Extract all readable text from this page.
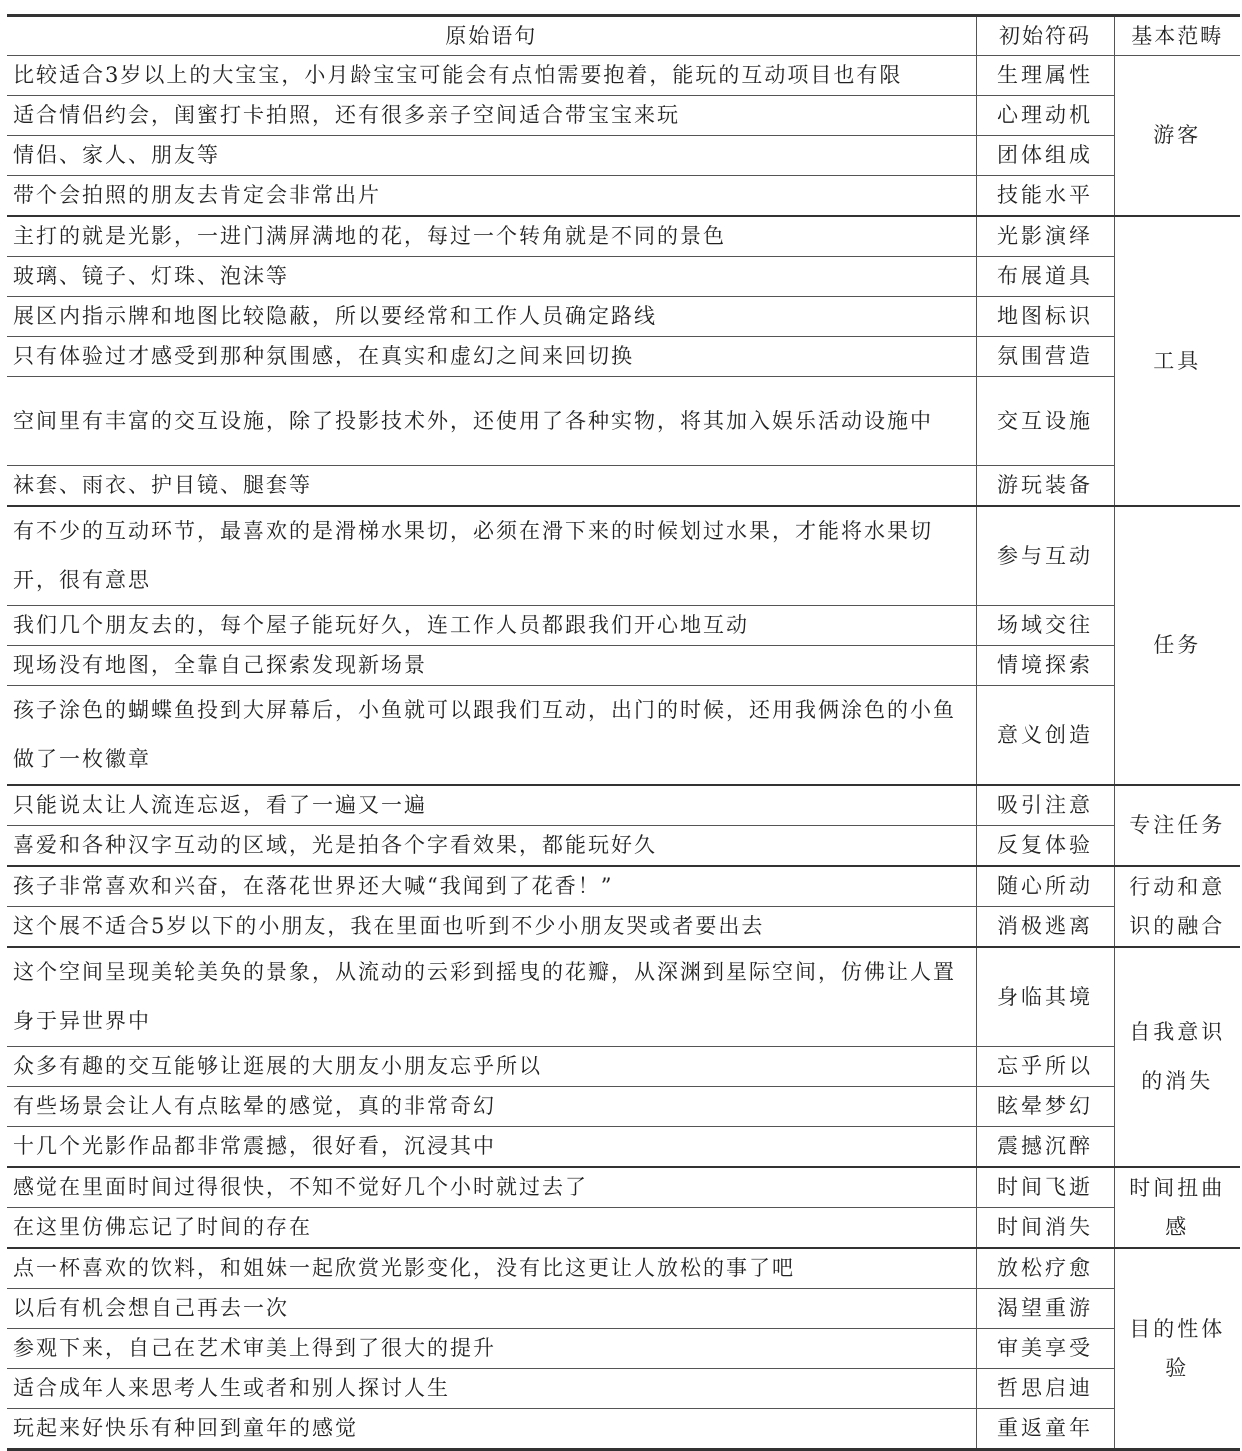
原始语句	初始符码	基本范畴
比较适合3岁以上的大宝宝，小月龄宝宝可能会有点怕需要抱着，能玩的互动项目也有限	生理属性	游客
适合情侣约会，闺蜜打卡拍照，还有很多亲子空间适合带宝宝来玩	心理动机	
情侣、家人、朋友等	团体组成	
带个会拍照的朋友去肯定会非常出片	技能水平	
主打的就是光影，一进门满屏满地的花，每过一个转角就是不同的景色	光影演绎	工具
玻璃、镜子、灯珠、泡沫等	布展道具	
展区内指示牌和地图比较隐蔽，所以要经常和工作人员确定路线	地图标识	
只有体验过才感受到那种氛围感，在真实和虚幻之间来回切换	氛围营造	
空间里有丰富的交互设施，除了投影技术外，还使用了各种实物，将其加入娱乐活动设施中	交互设施	
袜套、雨衣、护目镜、腿套等	游玩装备	
有不少的互动环节，最喜欢的是滑梯水果切，必须在滑下来的时候划过水果，才能将水果切开，很有意思	参与互动	任务
我们几个朋友去的，每个屋子能玩好久，连工作人员都跟我们开心地互动	场域交往	
现场没有地图，全靠自己探索发现新场景	情境探索	
孩子涂色的蝴蝶鱼投到大屏幕后，小鱼就可以跟我们互动，出门的时候，还用我俩涂色的小鱼做了一枚徽章	意义创造	
只能说太让人流连忘返，看了一遍又一遍	吸引注意	专注任务
喜爱和各种汉字互动的区域，光是拍各个字看效果，都能玩好久	反复体验	
孩子非常喜欢和兴奋，在落花世界还大喊“我闻到了花香！”	随心所动	行动和意识的融合
这个展不适合5岁以下的小朋友，我在里面也听到不少小朋友哭或者要出去	消极逃离	
这个空间呈现美轮美奂的景象，从流动的云彩到摇曳的花瓣，从深渊到星际空间，仿佛让人置身于异世界中	身临其境	自我意识的消失
众多有趣的交互能够让逛展的大朋友小朋友忘乎所以	忘乎所以	
有些场景会让人有点眩晕的感觉，真的非常奇幻	眩晕梦幻	
十几个光影作品都非常震撼，很好看，沉浸其中	震撼沉醉	
感觉在里面时间过得很快，不知不觉好几个小时就过去了	时间飞逝	时间扭曲感
在这里仿佛忘记了时间的存在	时间消失	
点一杯喜欢的饮料，和姐妹一起欣赏光影变化，没有比这更让人放松的事了吧	放松疗愈	目的性体验
以后有机会想自己再去一次	渴望重游	
参观下来，自己在艺术审美上得到了很大的提升	审美享受	
适合成年人来思考人生或者和别人探讨人生	哲思启迪	
玩起来好快乐有种回到童年的感觉	重返童年	
